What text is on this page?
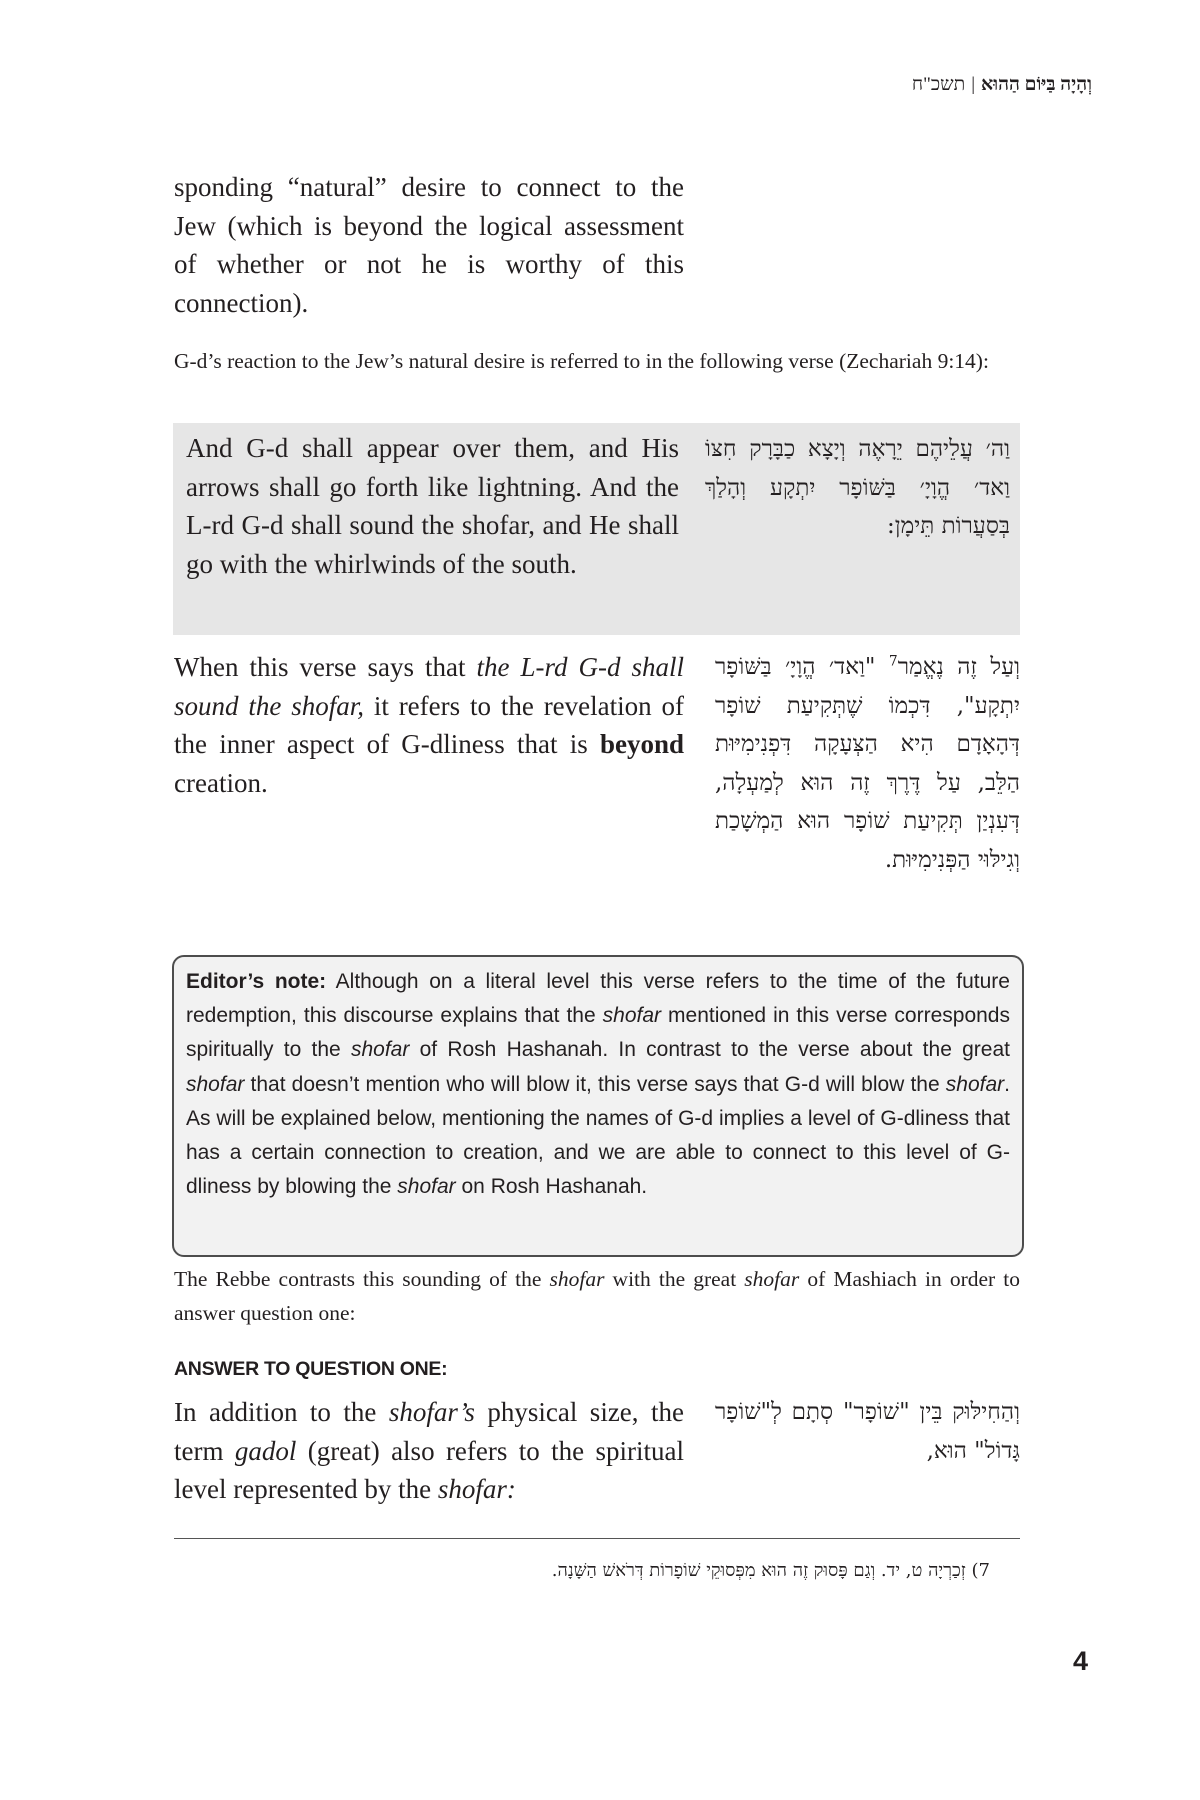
וְהָיָה בַּיּוֹם הַהוּא|תשכ"ח
sponding “natural” desire to connect to the Jew (which is beyond the logical assessment of whether or not he is worthy of this connection).
G-d’s reaction to the Jew’s natural desire is referred to in the following verse (Zechariah 9:14):
And G-d shall appear over them, and His arrows shall go forth like lightning. And the L-rd G-d shall sound the shofar, and He shall go with the whirlwinds of the south.
וַה׳ עֲלֵיהֶם יֵרָאֶה וְיָצָא כַבָּרָק חִצּוֹ וַאד׳ הֱוָיָ׳ בַּשּׁוֹפָר יִתְקָע וְהָלַךְ בְּסַעֲרוֹת תֵּימָן:
When this verse says that the L-rd G-d shall sound the shofar, it refers to the revelation of the inner aspect of G-dliness that is beyond creation.
וְעַל זֶה נֶאֱמַר$^7$ "וַאד׳ הֱוָיָ׳ בַּשּׁוֹפָר יִתְקָע", דִּכְמוֹ שֶׁתְּקִיעַת שׁוֹפָר דְּהָאָדָם הִיא הַצְּעָקָה דִּפְנִימִיּוּת הַלֵּב, עַל דֶּרֶךְ זֶה הוּא לְמַעְלָה, דְּעִנְיַן תְּקִיעַת שׁוֹפָר הוּא הַמְשָׁכַת וְגִילּוּי הַפְּנִימִיּוּת.
Editor’s note: Although on a literal level this verse refers to the time of the future redemption, this discourse explains that the shofar mentioned in this verse corresponds spiritually to the shofar of Rosh Hashanah. In contrast to the verse about the great shofar that doesn’t mention who will blow it, this verse says that G-d will blow the shofar. As will be explained below, mentioning the names of G-d implies a level of G-dliness that has a certain connection to creation, and we are able to connect to this level of G-dliness by blowing the shofar on Rosh Hashanah.
The Rebbe contrasts this sounding of the shofar with the great shofar of Mashiach in order to answer question one:
ANSWER TO QUESTION ONE:
In addition to the shofar’s physical size, the term gadol (great) also refers to the spiritual level represented by the shofar:
וְהַחִילּוּק בֵּין "שׁוֹפָר" סְתָם לְ"שׁוֹפָר גָּדוֹל" הוּא,
7) זְכַרְיָה ט, יד. וְגַם פָּסוּק זֶה הוּא מִפְּסוּקֵי שׁוֹפָרוֹת דְּרֹאשׁ הַשָּׁנָה.
4
